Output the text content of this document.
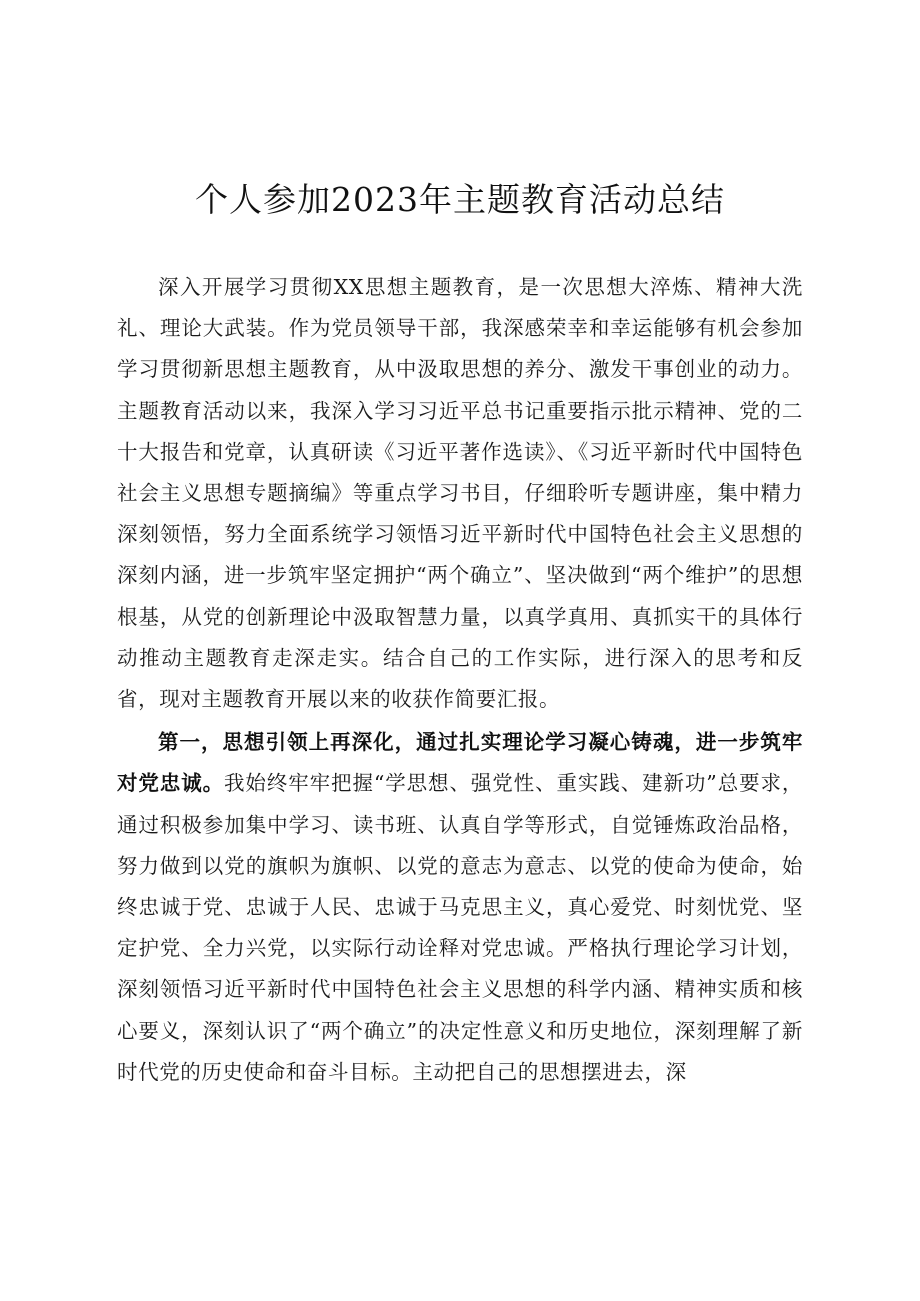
个人参加2023年主题教育活动总结

深入开展学习贯彻XX思想主题教育，是一次思想大淬炼、精神大洗礼、理论大武装。作为党员领导干部，我深感荣幸和幸运能够有机会参加学习贯彻新思想主题教育，从中汲取思想的养分、激发干事创业的动力。主题教育活动以来，我深入学习习近平总书记重要指示批示精神、党的二十大报告和党章，认真研读《习近平著作选读》、《习近平新时代中国特色社会主义思想专题摘编》等重点学习书目，仔细聆听专题讲座，集中精力深刻领悟，努力全面系统学习领悟习近平新时代中国特色社会主义思想的深刻内涵，进一步筑牢坚定拥护“两个确立”、坚决做到“两个维护”的思想根基，从党的创新理论中汲取智慧力量，以真学真用、真抓实干的具体行动推动主题教育走深走实。结合自己的工作实际，进行深入的思考和反省，现对主题教育开展以来的收获作简要汇报。

第一，思想引领上再深化，通过扎实理论学习凝心铸魂，进一步筑牢对党忠诚。我始终牢牢把握“学思想、强党性、重实践、建新功”总要求，通过积极参加集中学习、读书班、认真自学等形式，自觉锤炼政治品格，努力做到以党的旗帜为旗帜、以党的意志为意志、以党的使命为使命，始终忠诚于党、忠诚于人民、忠诚于马克思主义，真心爱党、时刻忧党、坚定护党、全力兴党，以实际行动诠释对党忠诚。严格执行理论学习计划，深刻领悟习近平新时代中国特色社会主义思想的科学内涵、精神实质和核心要义，深刻认识了“两个确立”的决定性意义和历史地位，深刻理解了新时代党的历史使命和奋斗目标。主动把自己的思想摆进去，深
